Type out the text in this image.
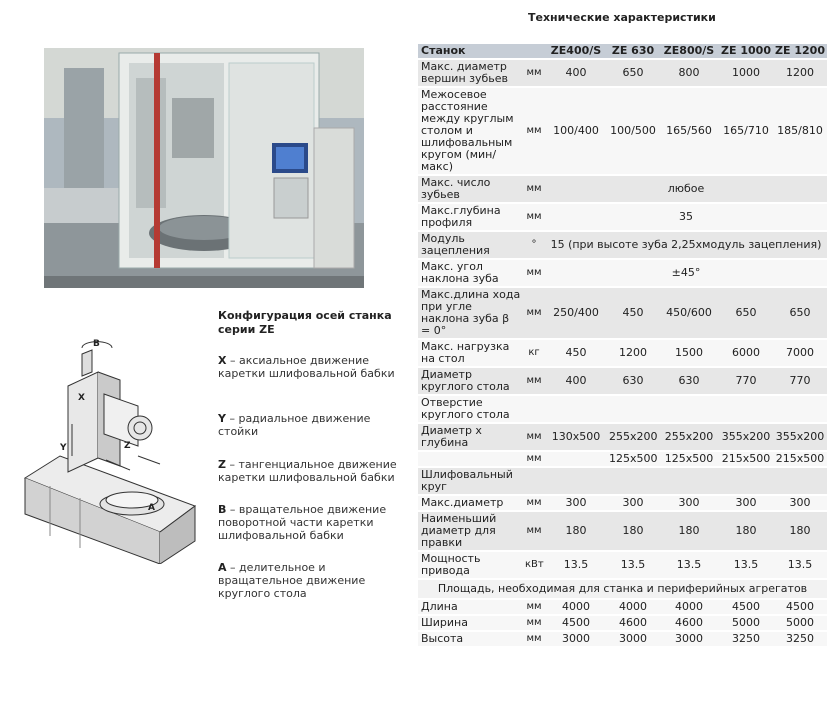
Конфигурация осей станка серии ZE
B
X
Y	Z
A
X – аксиальное движение каретки шлифовальной бабки
Y – радиальное движение стойки
Z – тангенциальное движение каретки шлифовальной бабки
B – вращательное движение поворотной части каретки шлифовальной бабки
A – делительное и вращательное движение круглого стола
Технические характеристики
Станок		ZE400/S	ZE 630	ZE800/S	ZE 1000	ZE 1200
Макс. диаметр вершин зубьев	мм	400	650	800	1000	1200
Межосевое расстояние между круглым столом и шлифовальным кругом (мин/макс)	мм	100/400	100/500	165/560	165/710	185/810
Макс. число зубьев	мм	любое				
Макс.глубина профиля	мм	35				
Модуль зацепления	°	15 (при высоте зуба 2,25xмодуль зацепления)				
Макс. угол наклона зуба	мм	±45°				
Макс.длина хода при угле наклона зуба β = 0°	мм	250/400	450	450/600	650	650
Макс. нагрузка на стол	кг	450	1200	1500	6000	7000
Диаметр круглого стола	мм	400	630	630	770	770
Отверстие круглого стола						
Диаметр x глубина	мм	130x500	255x200	255x200	355x200	355x200
	мм		125x500	125x500	215x500	215x500
Шлифовальный круг						
Макс.диаметр	мм	300	300	300	300	300
Наименьший диаметр для правки	мм	180	180	180	180	180
Мощность привода	кВт	13.5	13.5	13.5	13.5	13.5
Площадь, необходимая для станка и периферийных агрегатов						
Длина	мм	4000	4000	4000	4500	4500
Ширина	мм	4500	4600	4600	5000	5000
Высота	мм	3000	3000	3000	3250	3250
